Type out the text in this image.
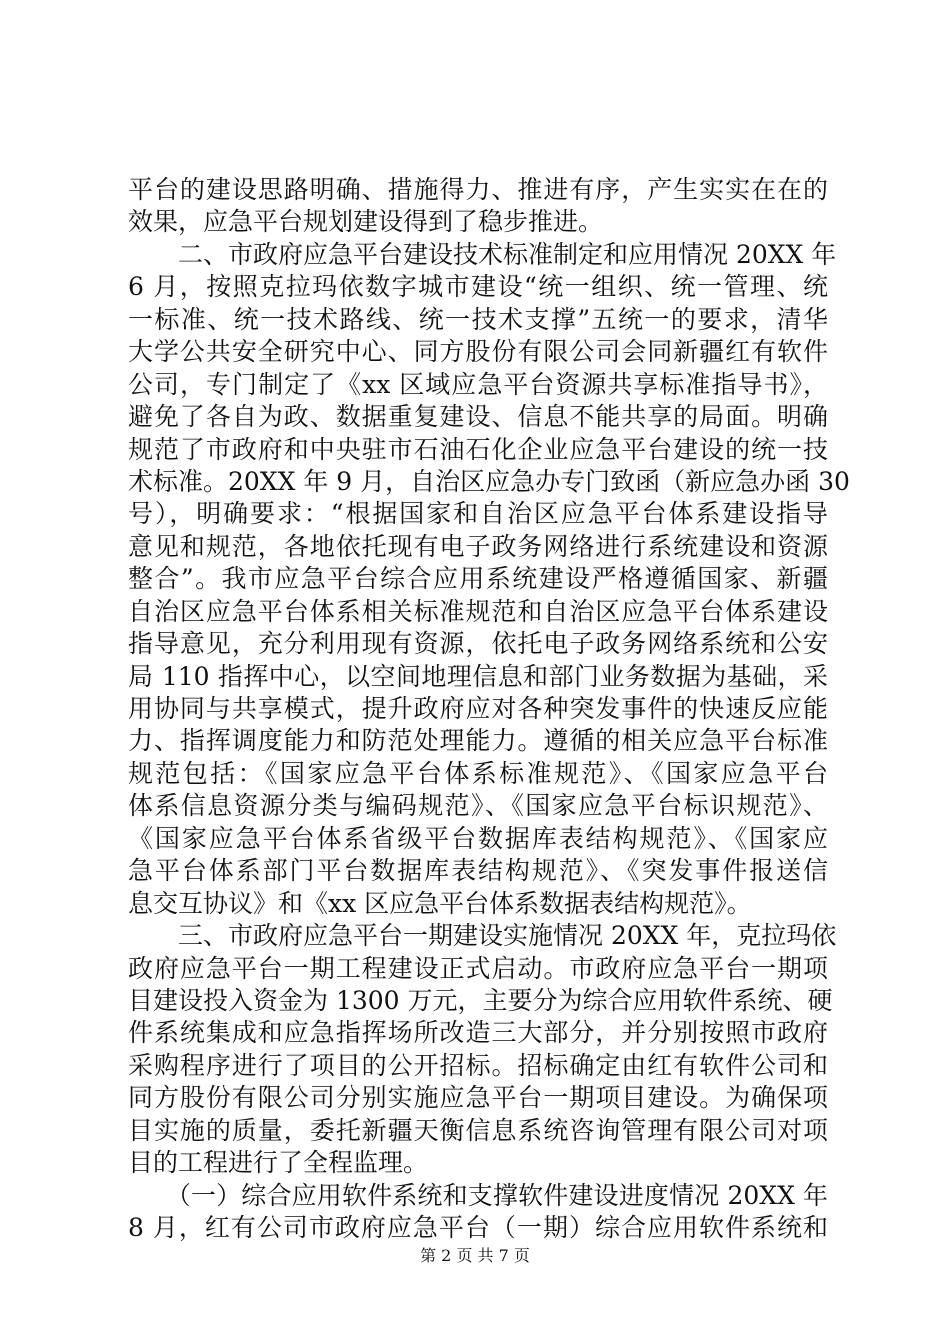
平台的建设思路明确、措施得力、推进有序，产生实实在在的
效果，应急平台规划建设得到了稳步推进。
　　二、市政府应急平台建设技术标准制定和应用情况 20XX 年
6 月，按照克拉玛依数字城市建设“统一组织、统一管理、统
一标准、统一技术路线、统一技术支撑”五统一的要求，清华
大学公共安全研究中心、同方股份有限公司会同新疆红有软件
公司，专门制定了《xx 区域应急平台资源共享标准指导书》，
避免了各自为政、数据重复建设、信息不能共享的局面。明确
规范了市政府和中央驻市石油石化企业应急平台建设的统一技
术标准。20XX 年 9 月，自治区应急办专门致函（新应急办函 30
号），明确要求：“根据国家和自治区应急平台体系建设指导
意见和规范，各地依托现有电子政务网络进行系统建设和资源
整合”。我市应急平台综合应用系统建设严格遵循国家、新疆
自治区应急平台体系相关标准规范和自治区应急平台体系建设
指导意见，充分利用现有资源，依托电子政务网络系统和公安
局 110 指挥中心，以空间地理信息和部门业务数据为基础，采
用协同与共享模式，提升政府应对各种突发事件的快速反应能
力、指挥调度能力和防范处理能力。遵循的相关应急平台标准
规范包括：《国家应急平台体系标准规范》、《国家应急平台
体系信息资源分类与编码规范》、《国家应急平台标识规范》、
《国家应急平台体系省级平台数据库表结构规范》、《国家应
急平台体系部门平台数据库表结构规范》、《突发事件报送信
息交互协议》和《xx 区应急平台体系数据表结构规范》。
　　三、市政府应急平台一期建设实施情况 20XX 年，克拉玛依
政府应急平台一期工程建设正式启动。市政府应急平台一期项
目建设投入资金为 1300 万元，主要分为综合应用软件系统、硬
件系统集成和应急指挥场所改造三大部分，并分别按照市政府
采购程序进行了项目的公开招标。招标确定由红有软件公司和
同方股份有限公司分别实施应急平台一期项目建设。为确保项
目实施的质量，委托新疆天衡信息系统咨询管理有限公司对项
目的工程进行了全程监理。
　　（一）综合应用软件系统和支撑软件建设进度情况 20XX 年
8 月，红有公司市政府应急平台（一期）综合应用软件系统和
第 2 页 共 7 页
